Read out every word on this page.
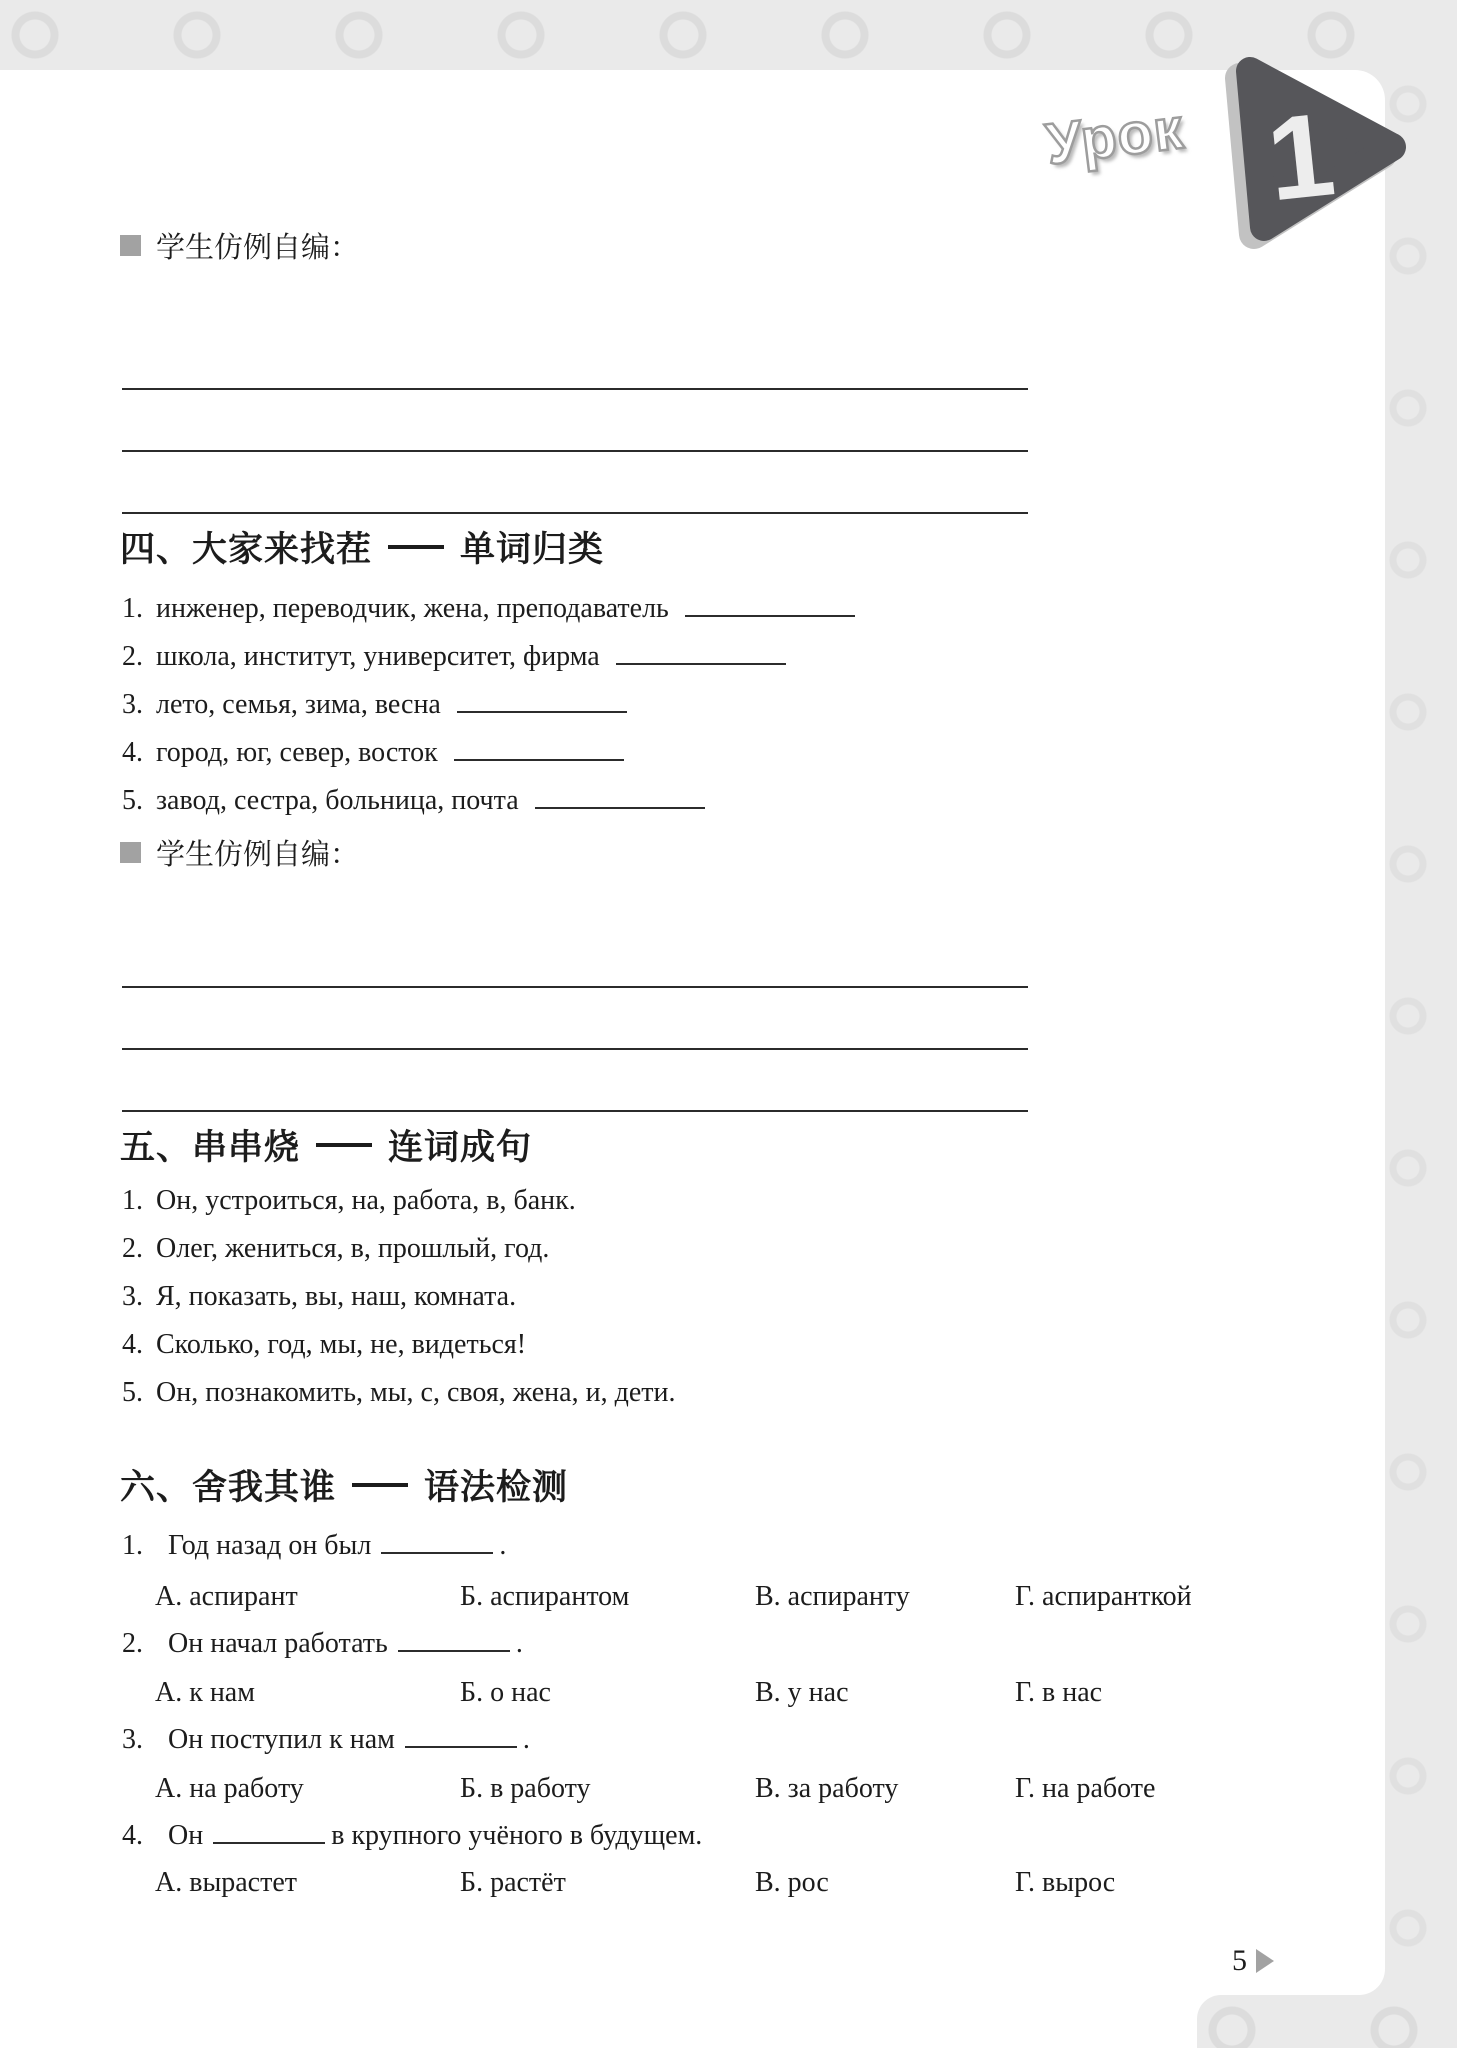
Урок 1
学生仿例自编：
四、大家来找茬	单词归类
1. инженер, переводчик, жена, преподаватель
2. школа, институт, университет, фирма
3. лето, семья, зима, весна
4. город, юг, север, восток
5. завод, сестра, больница, почта
学生仿例自编：
五、串串烧	连词成句
1. Он, устроиться, на, работа, в, банк.
2. Олег, жениться, в, прошлый, год.
3. Я, показать, вы, наш, комната.
4. Сколько, год, мы, не, видеться!
5. Он, познакомить, мы, с, своя, жена, и, дети.
六、舍我其谁	语法检测
1. Год назад он был	.
А. аспирант	Б. аспирантом	В. аспиранту	Г. аспиранткой
2. Он начал работать	.
А. к нам	Б. о нас	В. у нас	Г. в нас
3. Он поступил к нам	.
А. на работу	Б. в работу	В. за работу	Г. на работе
4. Он	в крупного учёного в будущем.
А. вырастет	Б. растёт	В. рос	Г. вырос
5
